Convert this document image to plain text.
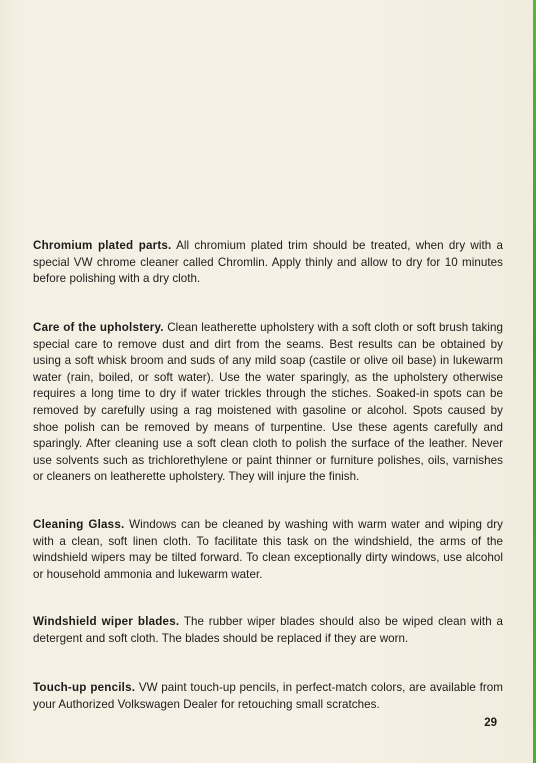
Chromium plated parts. All chromium plated trim should be treated, when dry with a special VW chrome cleaner called Chromlin. Apply thinly and allow to dry for 10 minutes before polishing with a dry cloth.

Care of the upholstery. Clean leatherette upholstery with a soft cloth or soft brush taking special care to remove dust and dirt from the seams. Best results can be obtained by using a soft whisk broom and suds of any mild soap (castile or olive oil base) in lukewarm water (rain, boiled, or soft water). Use the water sparingly, as the upholstery otherwise requires a long time to dry if water trickles through the stiches. Soaked-in spots can be removed by carefully using a rag moistened with gasoline or alcohol. Spots caused by shoe polish can be removed by means of turpentine. Use these agents carefully and sparingly. After cleaning use a soft clean cloth to polish the surface of the leather. Never use solvents such as trichlorethylene or paint thinner or furniture polishes, oils, varnishes or cleaners on leatherette upholstery. They will injure the finish.

Cleaning Glass. Windows can be cleaned by washing with warm water and wiping dry with a clean, soft linen cloth. To facilitate this task on the windshield, the arms of the windshield wipers may be tilted forward. To clean exceptionally dirty windows, use alcohol or household ammonia and lukewarm water.

Windshield wiper blades. The rubber wiper blades should also be wiped clean with a detergent and soft cloth. The blades should be replaced if they are worn.

Touch-up pencils. VW paint touch-up pencils, in perfect-match colors, are available from your Authorized Volkswagen Dealer for retouching small scratches.

29
